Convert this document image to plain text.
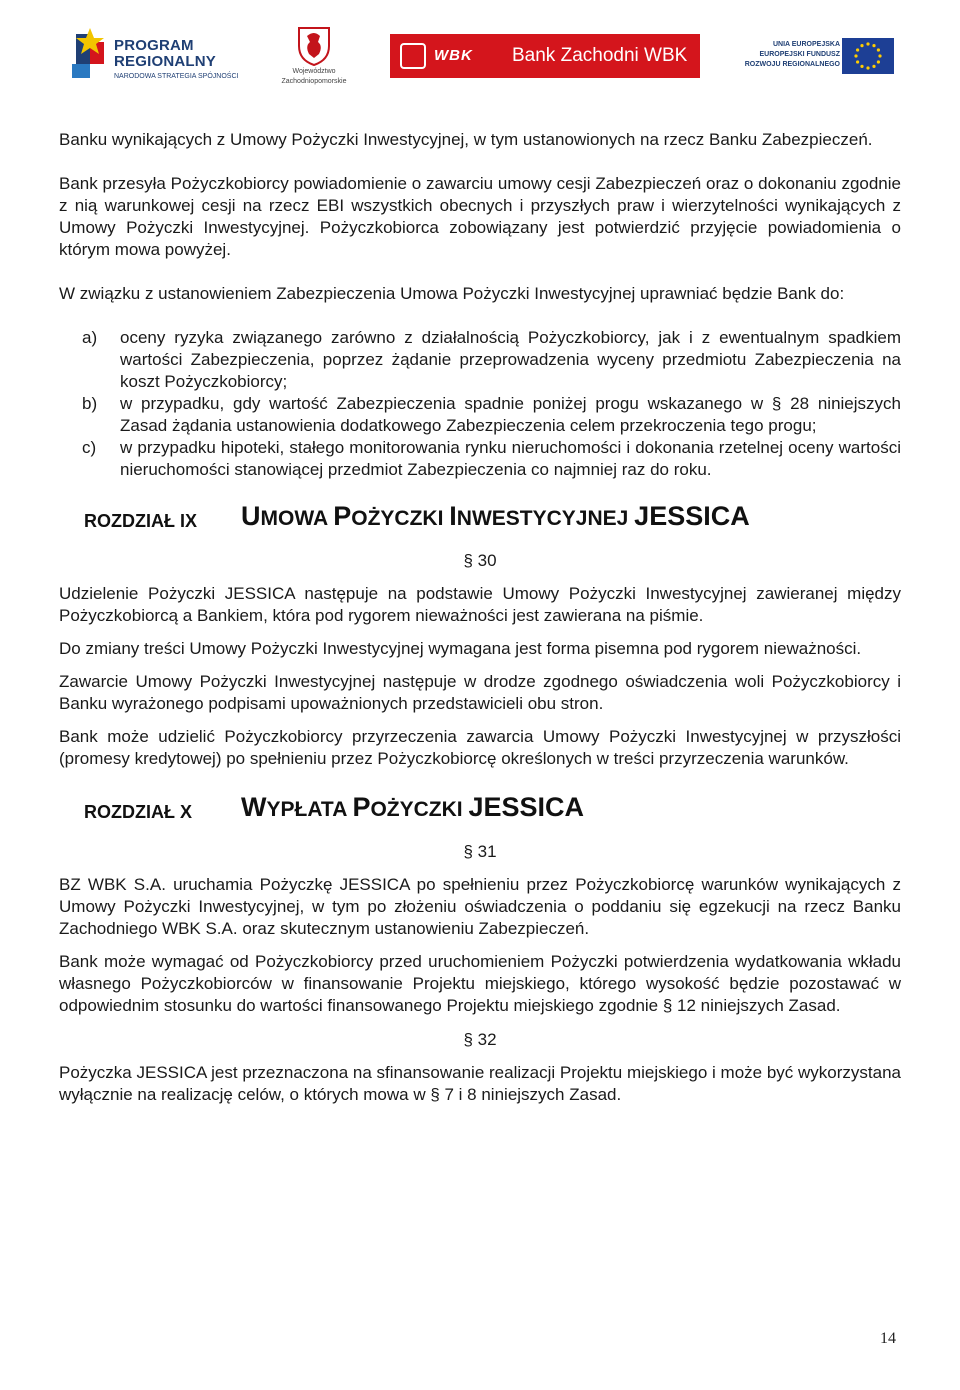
PROGRAM
REGIONALNY
NARODOWA STRATEGIA SPÓJNOŚCI
Województwo
Zachodniopomorskie
WBK Bank Zachodni WBK
UNIA EUROPEJSKA
EUROPEJSKI FUNDUSZ
ROZWOJU REGIONALNEGO

Banku wynikających z Umowy Pożyczki Inwestycyjnej, w tym ustanowionych na rzecz Banku Zabezpieczeń.

Bank przesyła Pożyczkobiorcy powiadomienie o zawarciu umowy cesji Zabezpieczeń oraz o dokonaniu zgodnie z nią warunkowej cesji na rzecz EBI wszystkich obecnych i przyszłych praw i wierzytelności wynikających z Umowy Pożyczki Inwestycyjnej. Pożyczkobiorca zobowiązany jest potwierdzić przyjęcie powiadomienia o którym mowa powyżej.

W związku z ustanowieniem Zabezpieczenia Umowa Pożyczki Inwestycyjnej uprawniać będzie Bank do:

a) oceny ryzyka związanego zarówno z działalnością Pożyczkobiorcy, jak i z ewentualnym spadkiem wartości Zabezpieczenia, poprzez żądanie przeprowadzenia wyceny przedmiotu Zabezpieczenia na koszt Pożyczkobiorcy;
b) w przypadku, gdy wartość Zabezpieczenia spadnie poniżej progu wskazanego w § 28 niniejszych Zasad żądania ustanowienia dodatkowego Zabezpieczenia celem przekroczenia tego progu;
c) w przypadku hipoteki, stałego monitorowania rynku nieruchomości i dokonania rzetelnej oceny wartości nieruchomości stanowiącej przedmiot Zabezpieczenia co najmniej raz do roku.
ROZDZIAŁ IX UMOWA POŻYCZKI INWESTYCYJNEJ JESSICA
§ 30

Udzielenie Pożyczki JESSICA następuje na podstawie Umowy Pożyczki Inwestycyjnej zawieranej między Pożyczkobiorcą a Bankiem, która pod rygorem nieważności jest zawierana na piśmie.

Do zmiany treści Umowy Pożyczki Inwestycyjnej wymagana jest forma pisemna pod rygorem nieważności.

Zawarcie Umowy Pożyczki Inwestycyjnej następuje w drodze zgodnego oświadczenia woli Pożyczkobiorcy i Banku wyrażonego podpisami upoważnionych przedstawicieli obu stron.

Bank może udzielić Pożyczkobiorcy przyrzeczenia zawarcia Umowy Pożyczki Inwestycyjnej w przyszłości (promesy kredytowej) po spełnieniu przez Pożyczkobiorcę określonych w treści przyrzeczenia warunków.

ROZDZIAŁ X WYPŁATA POŻYCZKI JESSICA
§ 31

BZ WBK S.A. uruchamia Pożyczkę JESSICA po spełnieniu przez Pożyczkobiorcę warunków wynikających z Umowy Pożyczki Inwestycyjnej, w tym po złożeniu oświadczenia o poddaniu się egzekucji na rzecz Banku Zachodniego WBK S.A. oraz skutecznym ustanowieniu Zabezpieczeń.

Bank może wymagać od Pożyczkobiorcy przed uruchomieniem Pożyczki potwierdzenia wydatkowania wkładu własnego Pożyczkobiorców w finansowanie Projektu miejskiego, którego wysokość będzie pozostawać w odpowiednim stosunku do wartości finansowanego Projektu miejskiego zgodnie § 12 niniejszych Zasad.

§ 32

Pożyczka JESSICA jest przeznaczona na sfinansowanie realizacji Projektu miejskiego i może być wykorzystana wyłącznie na realizację celów, o których mowa w § 7 i 8 niniejszych Zasad.

14
